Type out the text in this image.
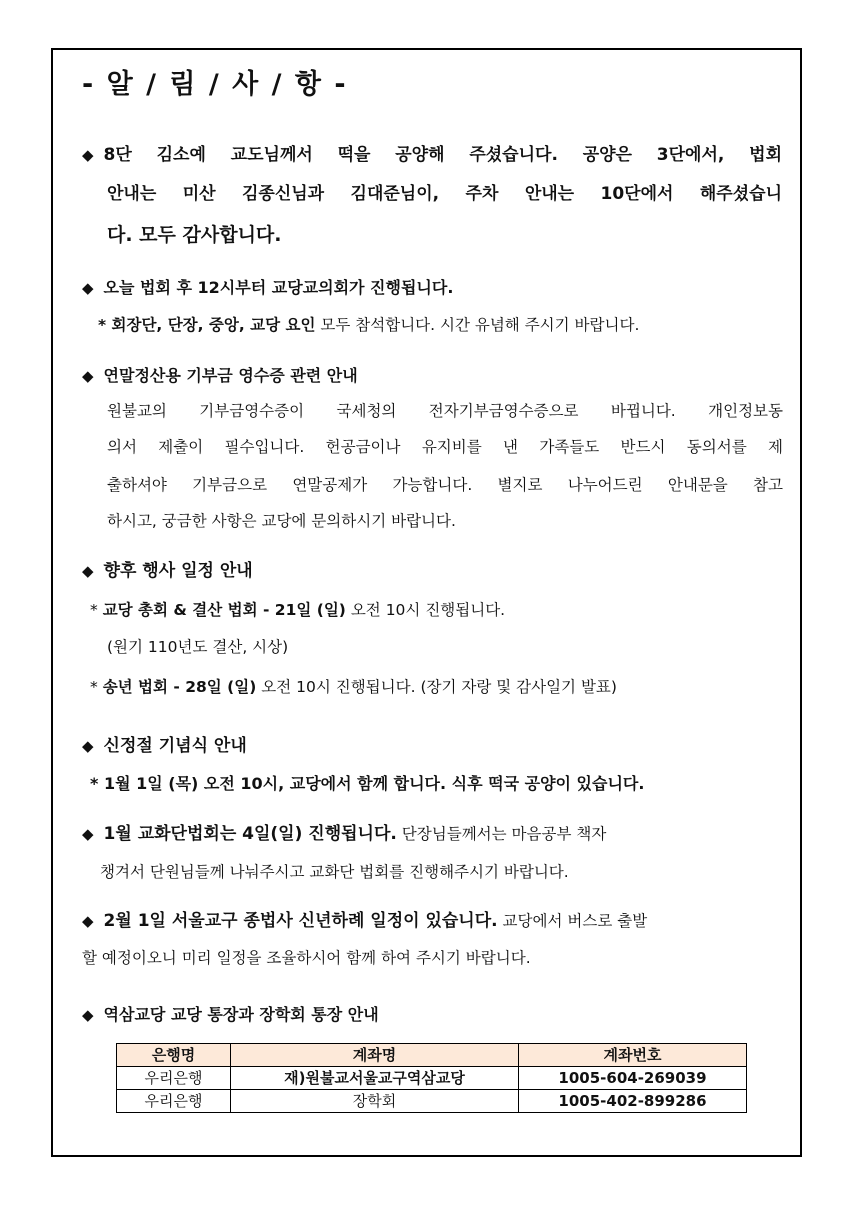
- 알 / 림 / 사 / 항 -
◆ 8단 김소예 교도님께서 떡을 공양해 주셨습니다. 공양은 3단에서, 법회
안내는 미산 김종신님과 김대준님이, 주차 안내는 10단에서 해주셨습니
다. 모두 감사합니다.
◆ 오늘 법회 후 12시부터 교당교의회가 진행됩니다.
* 회장단, 단장, 중앙, 교당 요인 모두 참석합니다. 시간 유념해 주시기 바랍니다.
◆ 연말정산용 기부금 영수증 관련 안내
원불교의 기부금영수증이 국세청의 전자기부금영수증으로 바뀝니다. 개인정보동
의서 제출이 필수입니다. 헌공금이나 유지비를 낸 가족들도 반드시 동의서를 제
출하셔야 기부금으로 연말공제가 가능합니다. 별지로 나누어드린 안내문을 참고
하시고, 궁금한 사항은 교당에 문의하시기 바랍니다.
◆ 향후 행사 일정 안내
* 교당 총회 & 결산 법회 - 21일 (일) 오전 10시 진행됩니다.
(원기 110년도 결산, 시상)
* 송년 법회 - 28일 (일) 오전 10시 진행됩니다. (장기 자랑 및 감사일기 발표)
◆ 신정절 기념식 안내
* 1월 1일 (목) 오전 10시, 교당에서 함께 합니다. 식후 떡국 공양이 있습니다.
◆ 1월 교화단법회는 4일(일) 진행됩니다. 단장님들께서는 마음공부 책자
챙겨서 단원님들께 나눠주시고 교화단 법회를 진행해주시기 바랍니다.
◆ 2월 1일 서울교구 종법사 신년하례 일정이 있습니다. 교당에서 버스로 출발
할 예정이오니 미리 일정을 조율하시어 함께 하여 주시기 바랍니다.
◆ 역삼교당 교당 통장과 장학회 통장 안내
은행명	계좌명	계좌번호
우리은행	재)원불교서울교구역삼교당	1005-604-269039
우리은행	장학회	1005-402-899286
